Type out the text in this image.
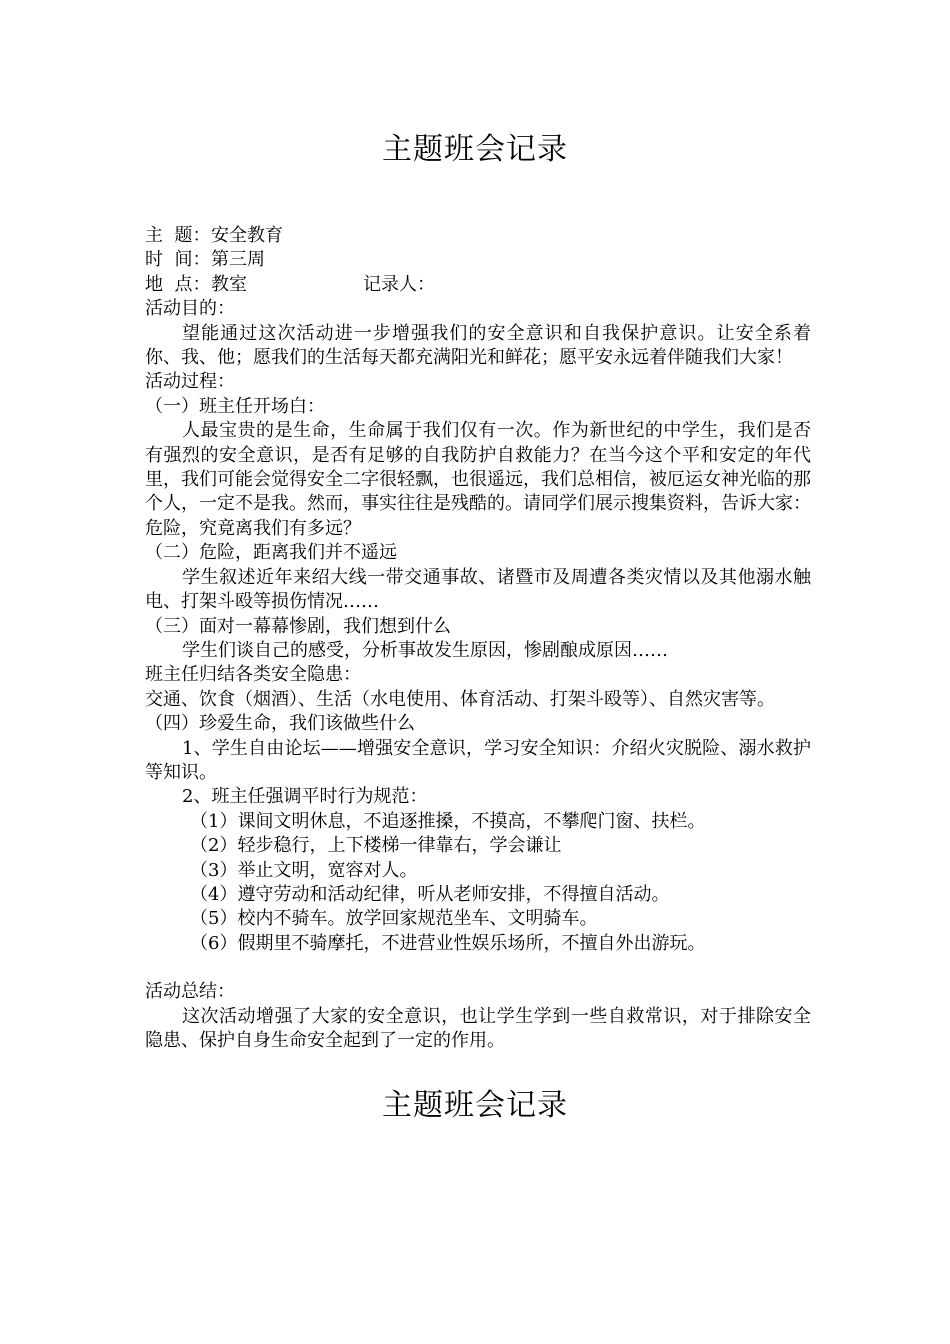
主题班会记录
主  题： 安全教育
时  间： 第三周
地  点： 教室	记录人：

活动目的：

望能通过这次活动进一步增强我们的安全意识和自我保护意识。让安全系着你、我、他；愿我们的生活每天都充满阳光和鲜花；愿平安永远着伴随我们大家！

活动过程：

（一）班主任开场白：

人最宝贵的是生命，生命属于我们仅有一次。作为新世纪的中学生，我们是否有强烈的安全意识，是否有足够的自我防护自救能力？在当今这个平和安定的年代里，我们可能会觉得安全二字很轻飘，也很遥远，我们总相信，被厄运女神光临的那个人，一定不是我。然而，事实往往是残酷的。请同学们展示搜集资料，告诉大家：危险，究竟离我们有多远？

（二）危险，距离我们并不遥远

学生叙述近年来绍大线一带交通事故、诸暨市及周遭各类灾情以及其他溺水触电、打架斗殴等损伤情况……

（三）面对一幕幕惨剧，我们想到什么

学生们谈自己的感受，分析事故发生原因，惨剧酿成原因……

班主任归结各类安全隐患：

交通、饮食（烟酒）、生活（水电使用、体育活动、打架斗殴等）、自然灾害等。

（四）珍爱生命，我们该做些什么

1、学生自由论坛——增强安全意识，学习安全知识：介绍火灾脱险、溺水救护等知识。

2、班主任强调平时行为规范：

（1）课间文明休息，不追逐推搡，不摸高，不攀爬门窗、扶栏。

（2）轻步稳行，上下楼梯一律靠右，学会谦让

（3）举止文明，宽容对人。

（4）遵守劳动和活动纪律，听从老师安排，不得擅自活动。

（5）校内不骑车。放学回家规范坐车、文明骑车。

（6）假期里不骑摩托，不进营业性娱乐场所，不擅自外出游玩。

活动总结：

这次活动增强了大家的安全意识，也让学生学到一些自救常识，对于排除安全隐患、保护自身生命安全起到了一定的作用。

主题班会记录
